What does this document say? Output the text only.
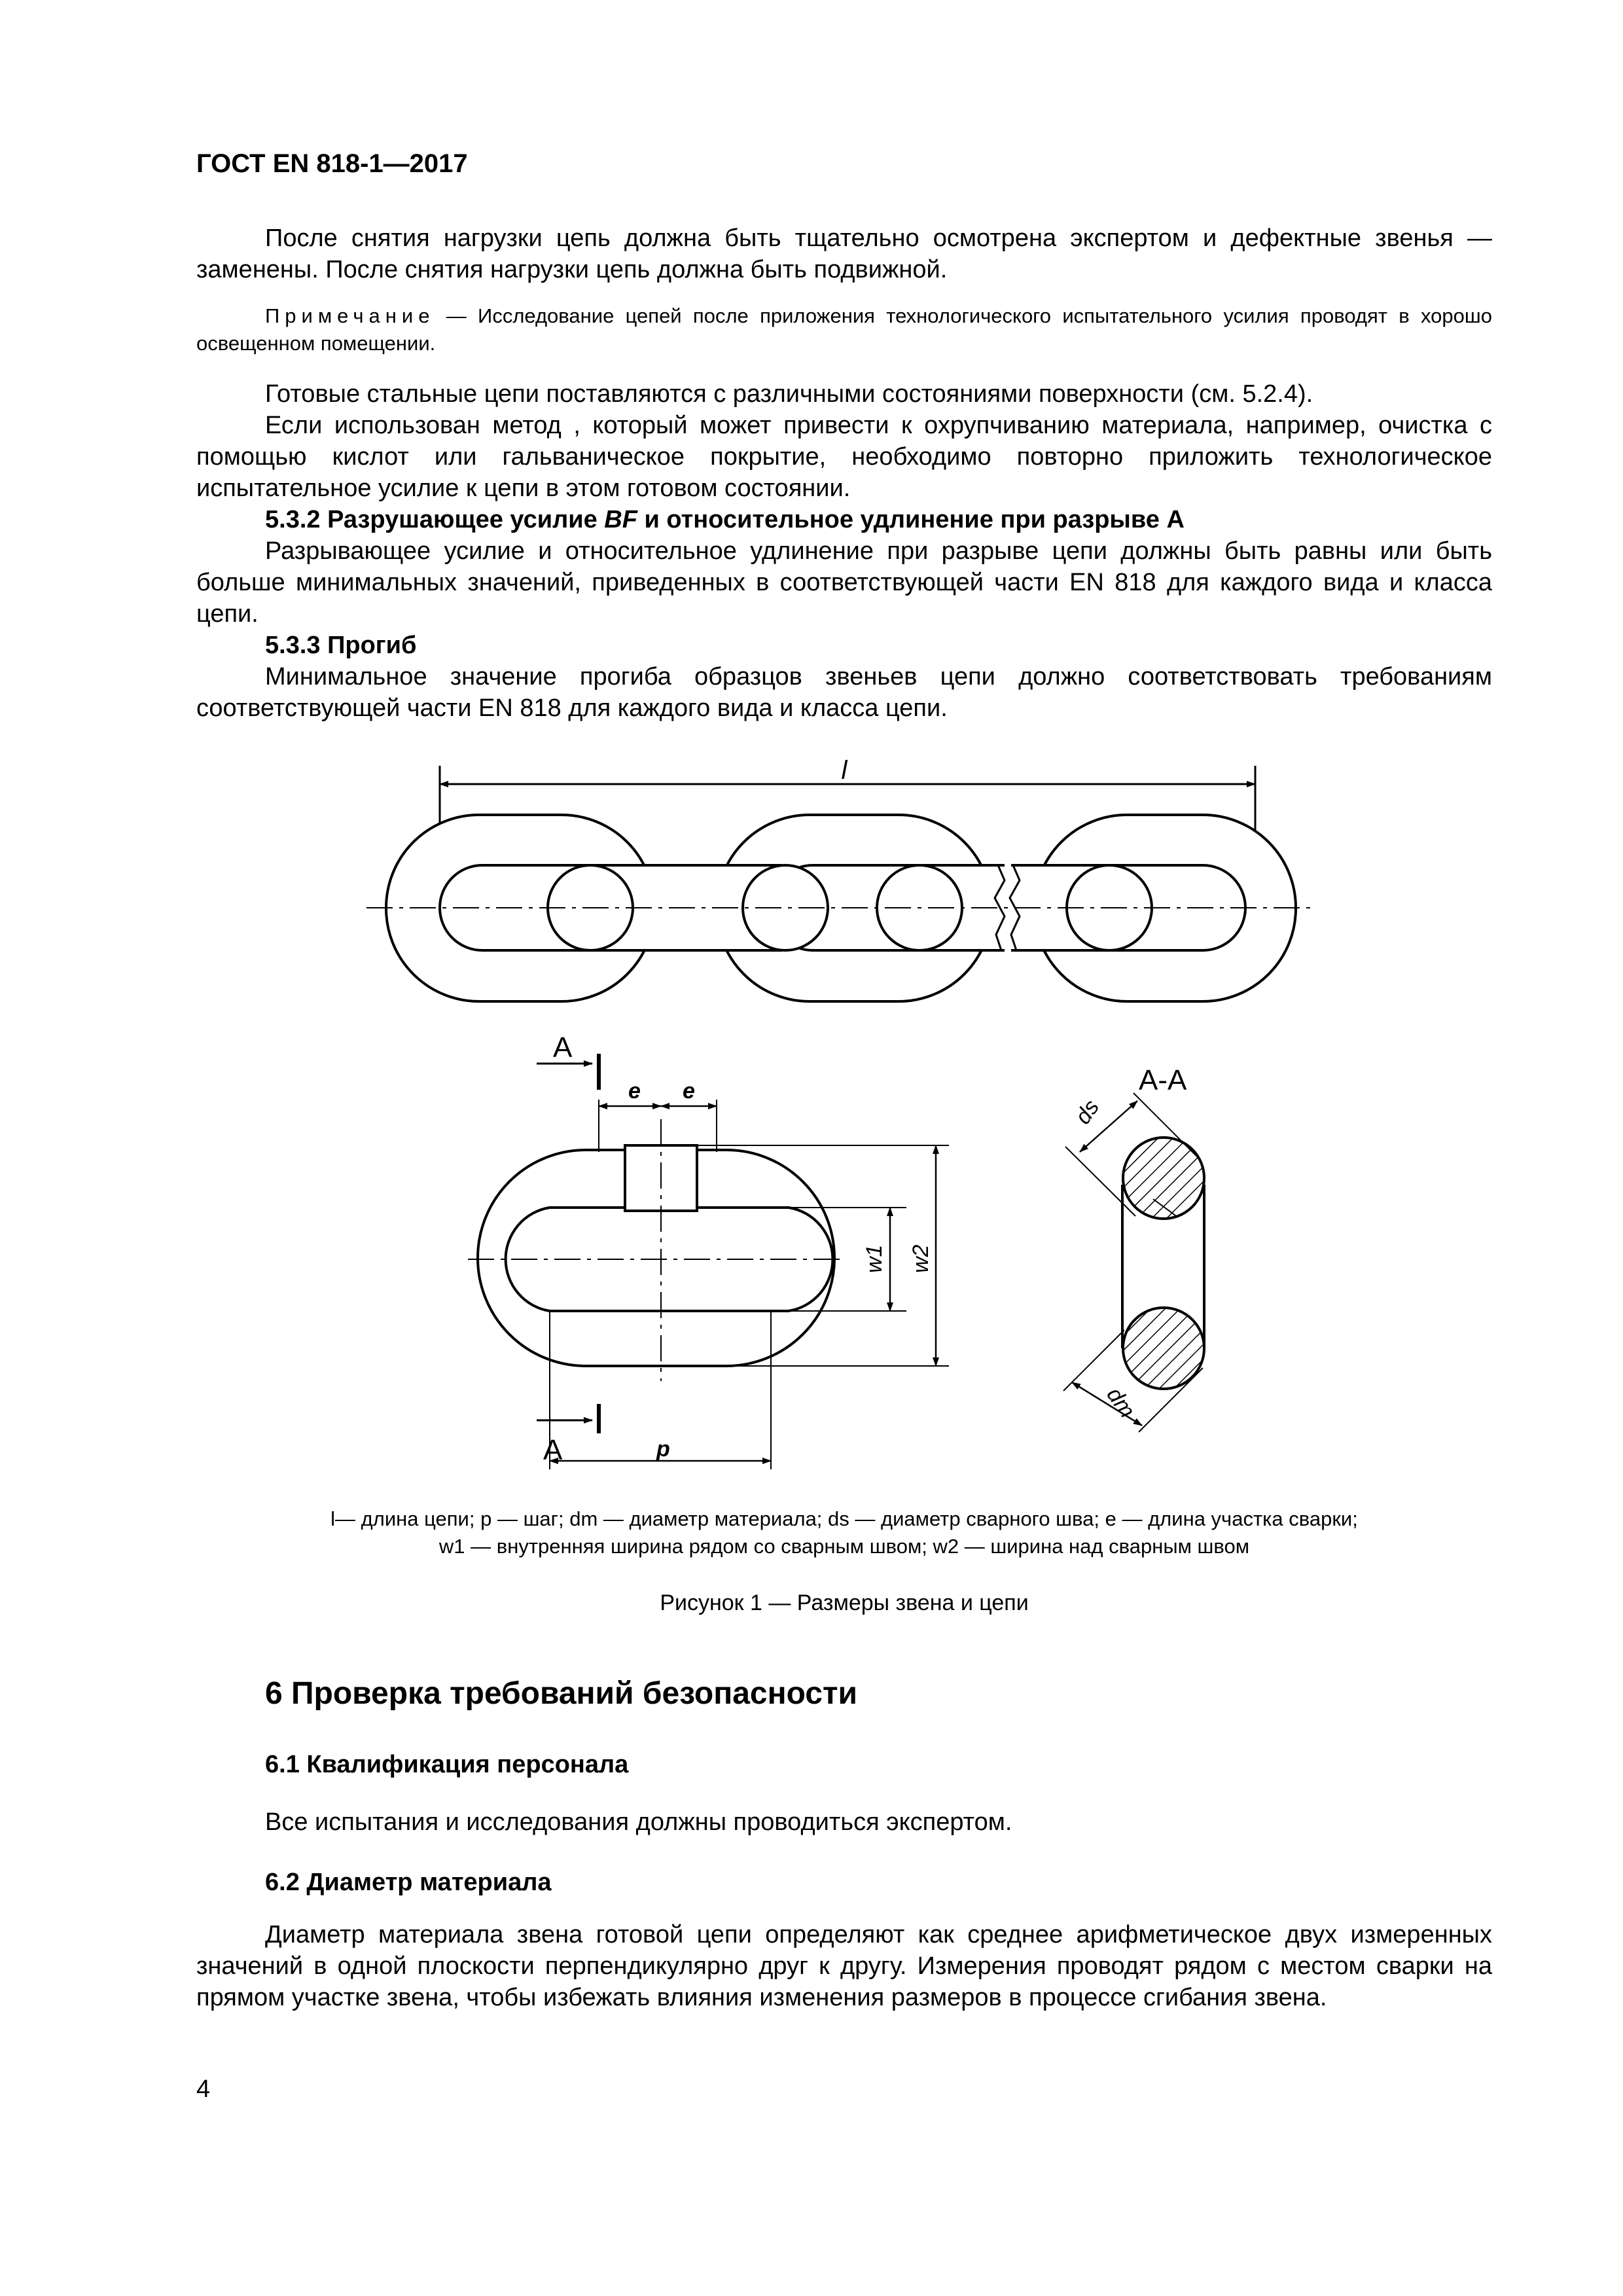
ГОСТ EN 818-1—2017
После снятия нагрузки цепь должна быть тщательно осмотрена экспертом и дефектные звенья — заменены. После снятия нагрузки цепь должна быть подвижной.
Примечание — Исследование цепей после приложения технологического испытательного усилия проводят в хорошо освещенном помещении.
Готовые стальные цепи поставляются с различными состояниями поверхности (см. 5.2.4).
Если использован метод , который может привести к охрупчиванию материала, например, очистка с помощью кислот или гальваническое покрытие, необходимо повторно приложить технологическое испытательное усилие к цепи в этом готовом состоянии.
5.3.2 Разрушающее усилие BF и относительное удлинение при разрыве A
Разрывающее усилие и относительное удлинение при разрыве цепи должны быть равны или быть больше минимальных значений, приведенных в соответствующей части EN 818 для каждого вида и класса цепи.
5.3.3 Прогиб
Минимальное значение прогиба образцов звеньев цепи должно соответствовать требованиям соответствующей части EN 818 для каждого вида и класса цепи.
l
A
A
e e
p
w1 w2
A-A
ds
dm
l— длина цепи; p — шаг; dm — диаметр материала; ds — диаметр сварного шва; e — длина участка сварки;
w1 — внутренняя ширина рядом со сварным швом; w2 — ширина над сварным швом
Рисунок 1 — Размеры звена и цепи
6 Проверка требований безопасности
6.1 Квалификация персонала
Все испытания и исследования должны проводиться экспертом.
6.2 Диаметр материала
Диаметр материала звена готовой цепи определяют как среднее арифметическое двух измеренных значений в одной плоскости перпендикулярно друг к другу. Измерения проводят рядом с местом сварки на прямом участке звена, чтобы избежать влияния изменения размеров в процессе сгибания звена.
4
